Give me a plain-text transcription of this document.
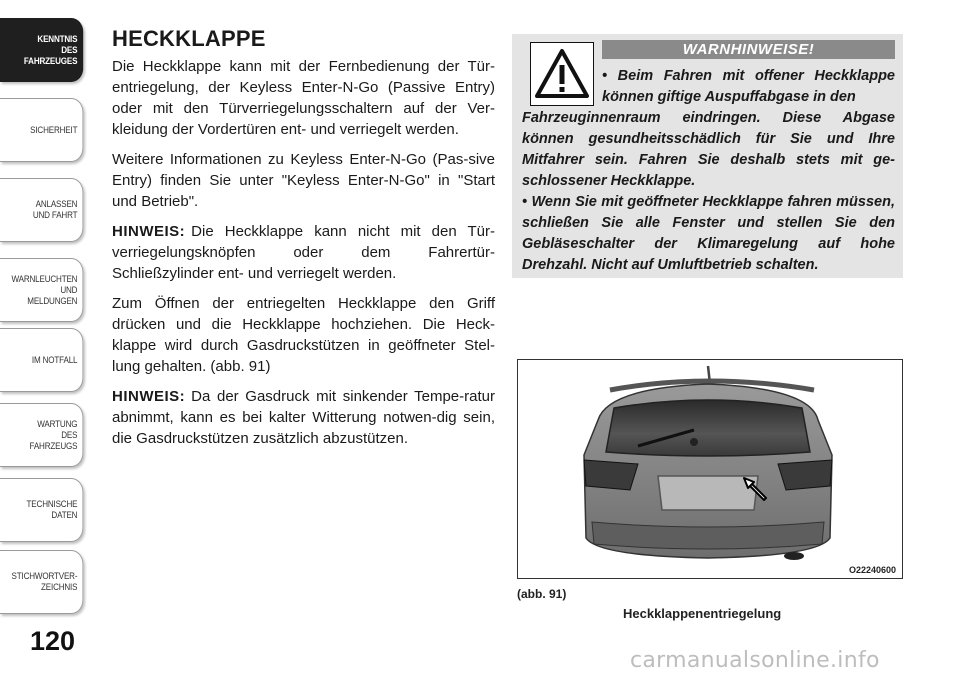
KENNTNIS
DES
FAHRZEUGES
SICHERHEIT
ANLASSEN
UND FAHRT
WARNLEUCHTEN
UND
MELDUNGEN
IM NOTFALL
WARTUNG
DES
FAHRZEUGS
TECHNISCHE
DATEN
STICHWORTVER-
ZEICHNIS
120
HECKKLAPPE

Die Heckklappe kann mit der Fernbedienung der Tür-entriegelung, der Keyless Enter-N-Go (Passive Entry) oder mit den Türverriegelungsschaltern auf der Ver-kleidung der Vordertüren ent- und verriegelt werden.

Weitere Informationen zu Keyless Enter-N-Go (Pas-sive Entry) finden Sie unter "Keyless Enter-N-Go" in "Start und Betrieb".

HINWEIS: Die Heckklappe kann nicht mit den Tür-verriegelungsknöpfen oder dem Fahrertür-Schließzylinder ent- und verriegelt werden.

Zum Öffnen der entriegelten Heckklappe den Griff drücken und die Heckklappe hochziehen. Die Heck-klappe wird durch Gasdruckstützen in geöffneter Stel-lung gehalten. (abb. 91)

HINWEIS: Da der Gasdruck mit sinkender Tempe-ratur abnimmt, kann es bei kalter Witterung notwen-dig sein, die Gasdruckstützen zusätzlich abzustützen.

WARNHINWEISE!
• Beim Fahren mit offener Heckklappe können giftige Auspuffabgase in den
Fahrzeuginnenraum eindringen. Diese Abgase können gesundheitsschädlich für Sie und Ihre Mitfahrer sein. Fahren Sie deshalb stets mit ge-schlossener Heckklappe.
• Wenn Sie mit geöffneter Heckklappe fahren müssen, schließen Sie alle Fenster und stellen Sie den Gebläseschalter der Klimaregelung auf hohe Drehzahl. Nicht auf Umluftbetrieb schalten.
O22240600
(abb. 91)
Heckklappenentriegelung
carmanualsonline.info
